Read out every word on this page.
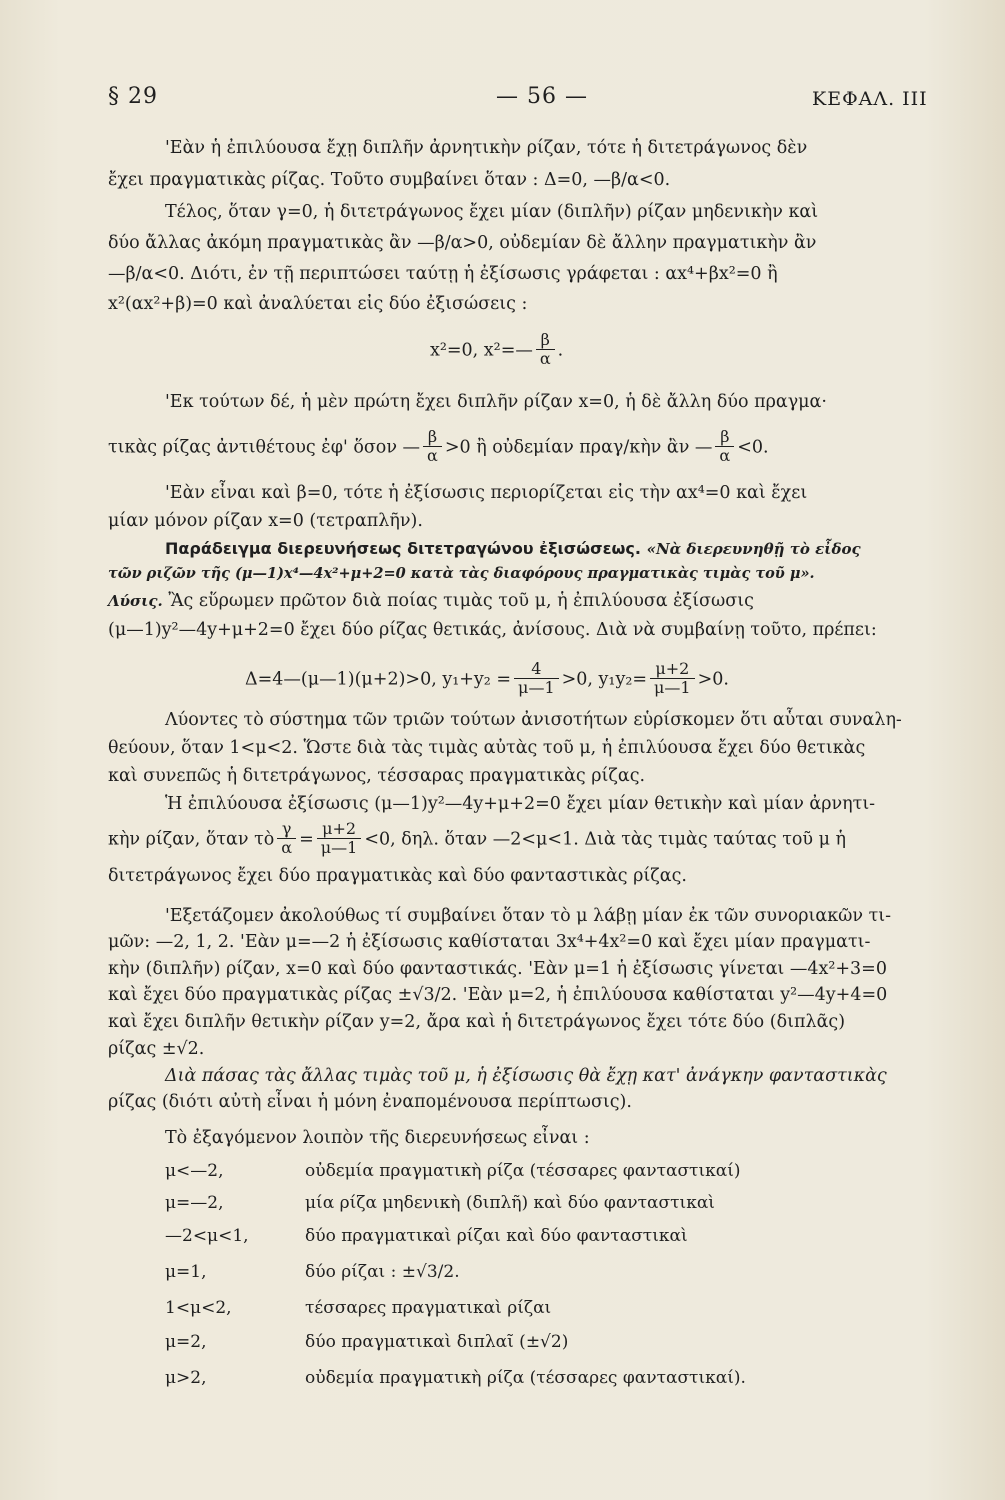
§ 29	— 56 —	ΚΕΦΑΛ. ΙΙΙ
'Εὰν ἡ ἐπιλύουσα ἔχῃ διπλῆν ἀρνητικὴν ρίζαν, τότε ἡ διτετράγωνος δὲν
ἔχει πραγματικὰς ρίζας. Τοῦτο συμβαίνει ὅταν : Δ=0, —β/α<0.
Τέλος, ὅταν γ=0, ἡ διτετράγωνος ἔχει μίαν (διπλῆν) ρίζαν μηδενικὴν καὶ
δύο ἄλλας ἀκόμη πραγματικὰς ἂν —β/α>0, οὐδεμίαν δὲ ἄλλην πραγματικὴν ἂν
—β/α<0. Διότι, ἐν τῇ περιπτώσει ταύτῃ ἡ ἐξίσωσις γράφεται : αx⁴+βx²=0 ἢ
x²(αx²+β)=0 καὶ ἀναλύεται εἰς δύο ἐξισώσεις :
x²=0, x²=— $\frac{\beta}{\alpha}$ .
'Εκ τούτων δέ, ἡ μὲν πρώτη ἔχει διπλῆν ρίζαν x=0, ἡ δὲ ἄλλη δύο πραγμα·
τικὰς ρίζας ἀντιθέτους ἐφ' ὅσον — $\frac{\beta}{\alpha} >0$ ἢ οὐδεμίαν πραγ/κὴν ἂν — $\frac{\beta}{\alpha} <0$.
'Εὰν εἶναι καὶ β=0, τότε ἡ ἐξίσωσις περιορίζεται εἰς τὴν αx⁴=0 καὶ ἔχει
μίαν μόνον ρίζαν x=0 (τετραπλῆν).
Παράδειγμα διερευνήσεως διτετραγώνου ἐξισώσεως. «Νὰ διερευνηθῇ τὸ εἶδος
τῶν ριζῶν τῆς (μ—1)x⁴—4x²+μ+2=0 κατὰ τὰς διαφόρους πραγματικὰς τιμὰς τοῦ μ».
Λύσις. Ἂς εὕρωμεν πρῶτον διὰ ποίας τιμὰς τοῦ μ, ἡ ἐπιλύουσα ἐξίσωσις
(μ—1)y²—4y+μ+2=0 ἔχει δύο ρίζας θετικάς, ἀνίσους. Διὰ νὰ συμβαίνῃ τοῦτο, πρέπει:
Δ=4—(μ—1)(μ+2)>0, $y_1+y_2 = \frac{4}{\mu—1} >0$, $y_1y_2= \frac{\mu+2}{\mu—1} >0$.
Λύοντες τὸ σύστημα τῶν τριῶν τούτων ἀνισοτήτων εὑρίσκομεν ὅτι αὗται συναλη-
θεύουν, ὅταν 1<μ<2. Ὥστε διὰ τὰς τιμὰς αὐτὰς τοῦ μ, ἡ ἐπιλύουσα ἔχει δύο θετικὰς
καὶ συνεπῶς ἡ διτετράγωνος, τέσσαρας πραγματικὰς ρίζας.
Ἡ ἐπιλύουσα ἐξίσωσις (μ—1)y²—4y+μ+2=0 ἔχει μίαν θετικὴν καὶ μίαν ἀρνητι-
κὴν ρίζαν, ὅταν τὸ $\frac{\gamma}{\alpha} = \frac{\mu+2}{\mu—1} <0$, δηλ. ὅταν —2<μ<1. Διὰ τὰς τιμὰς ταύτας τοῦ μ ἡ
διτετράγωνος ἔχει δύο πραγματικὰς καὶ δύο φανταστικὰς ρίζας.
'Εξετάζομεν ἀκολούθως τί συμβαίνει ὅταν τὸ μ λάβῃ μίαν ἐκ τῶν συνοριακῶν τι-
μῶν: —2, 1, 2. 'Εὰν μ=—2 ἡ ἐξίσωσις καθίσταται 3x⁴+4x²=0 καὶ ἔχει μίαν πραγματι-
κὴν (διπλῆν) ρίζαν, x=0 καὶ δύο φανταστικάς. 'Εὰν μ=1 ἡ ἐξίσωσις γίνεται —4x²+3=0
καὶ ἔχει δύο πραγματικὰς ρίζας ±√3/2. 'Εὰν μ=2, ἡ ἐπιλύουσα καθίσταται y²—4y+4=0
καὶ ἔχει διπλῆν θετικὴν ρίζαν y=2, ἄρα καὶ ἡ διτετράγωνος ἔχει τότε δύο (διπλᾶς)
ρίζας ±√2.
Διὰ πάσας τὰς ἄλλας τιμὰς τοῦ μ, ἡ ἐξίσωσις θὰ ἔχῃ κατ' ἀνάγκην φανταστικὰς
ρίζας (διότι αὐτὴ εἶναι ἡ μόνη ἐναπομένουσα περίπτωσις).
Τὸ ἐξαγόμενον λοιπὸν τῆς διερευνήσεως εἶναι :
μ<—2,	οὐδεμία πραγματικὴ ρίζα (τέσσαρες φανταστικαί)
μ=—2,	μία ρίζα μηδενικὴ (διπλῆ) καὶ δύο φανταστικαὶ
—2<μ<1,	δύο πραγματικαὶ ρίζαι καὶ δύο φανταστικαὶ
μ=1,	δύο ρίζαι : ±√3/2.
1<μ<2,	τέσσαρες πραγματικαὶ ρίζαι
μ=2,	δύο πραγματικαὶ διπλαῖ (±√2)
μ>2,	οὐδεμία πραγματικὴ ρίζα (τέσσαρες φανταστικαί).
